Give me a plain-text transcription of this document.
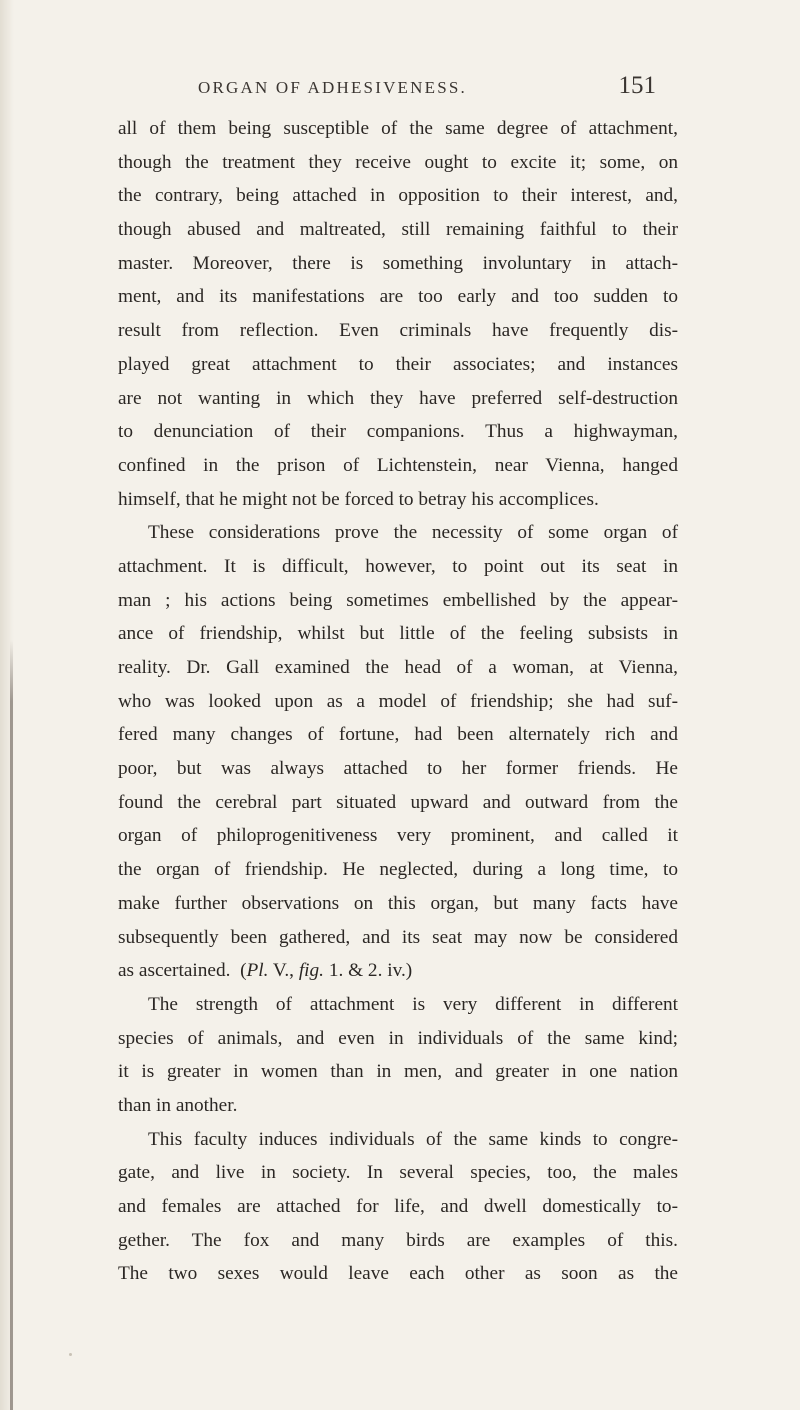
ORGAN OF ADHESIVENESS.	151
all of them being susceptible of the same degree of attachment,
though the treatment they receive ought to excite it; some, on
the contrary, being attached in opposition to their interest, and,
though abused and maltreated, still remaining faithful to their
master. Moreover, there is something involuntary in attach-
ment, and its manifestations are too early and too sudden to
result from reflection. Even criminals have frequently dis-
played great attachment to their associates; and instances
are not wanting in which they have preferred self-destruction
to denunciation of their companions. Thus a highwayman,
confined in the prison of Lichtenstein, near Vienna, hanged
himself, that he might not be forced to betray his accomplices.
These considerations prove the necessity of some organ of
attachment. It is difficult, however, to point out its seat in
man ; his actions being sometimes embellished by the appear-
ance of friendship, whilst but little of the feeling subsists in
reality. Dr. Gall examined the head of a woman, at Vienna,
who was looked upon as a model of friendship; she had suf-
fered many changes of fortune, had been alternately rich and
poor, but was always attached to her former friends. He
found the cerebral part situated upward and outward from the
organ of philoprogenitiveness very prominent, and called it
the organ of friendship. He neglected, during a long time, to
make further observations on this organ, but many facts have
subsequently been gathered, and its seat may now be considered
as ascertained. (Pl. V., fig. 1. & 2. iv.)
The strength of attachment is very different in different
species of animals, and even in individuals of the same kind;
it is greater in women than in men, and greater in one nation
than in another.
This faculty induces individuals of the same kinds to congre-
gate, and live in society. In several species, too, the males
and females are attached for life, and dwell domestically to-
gether. The fox and many birds are examples of this.
The two sexes would leave each other as soon as the
